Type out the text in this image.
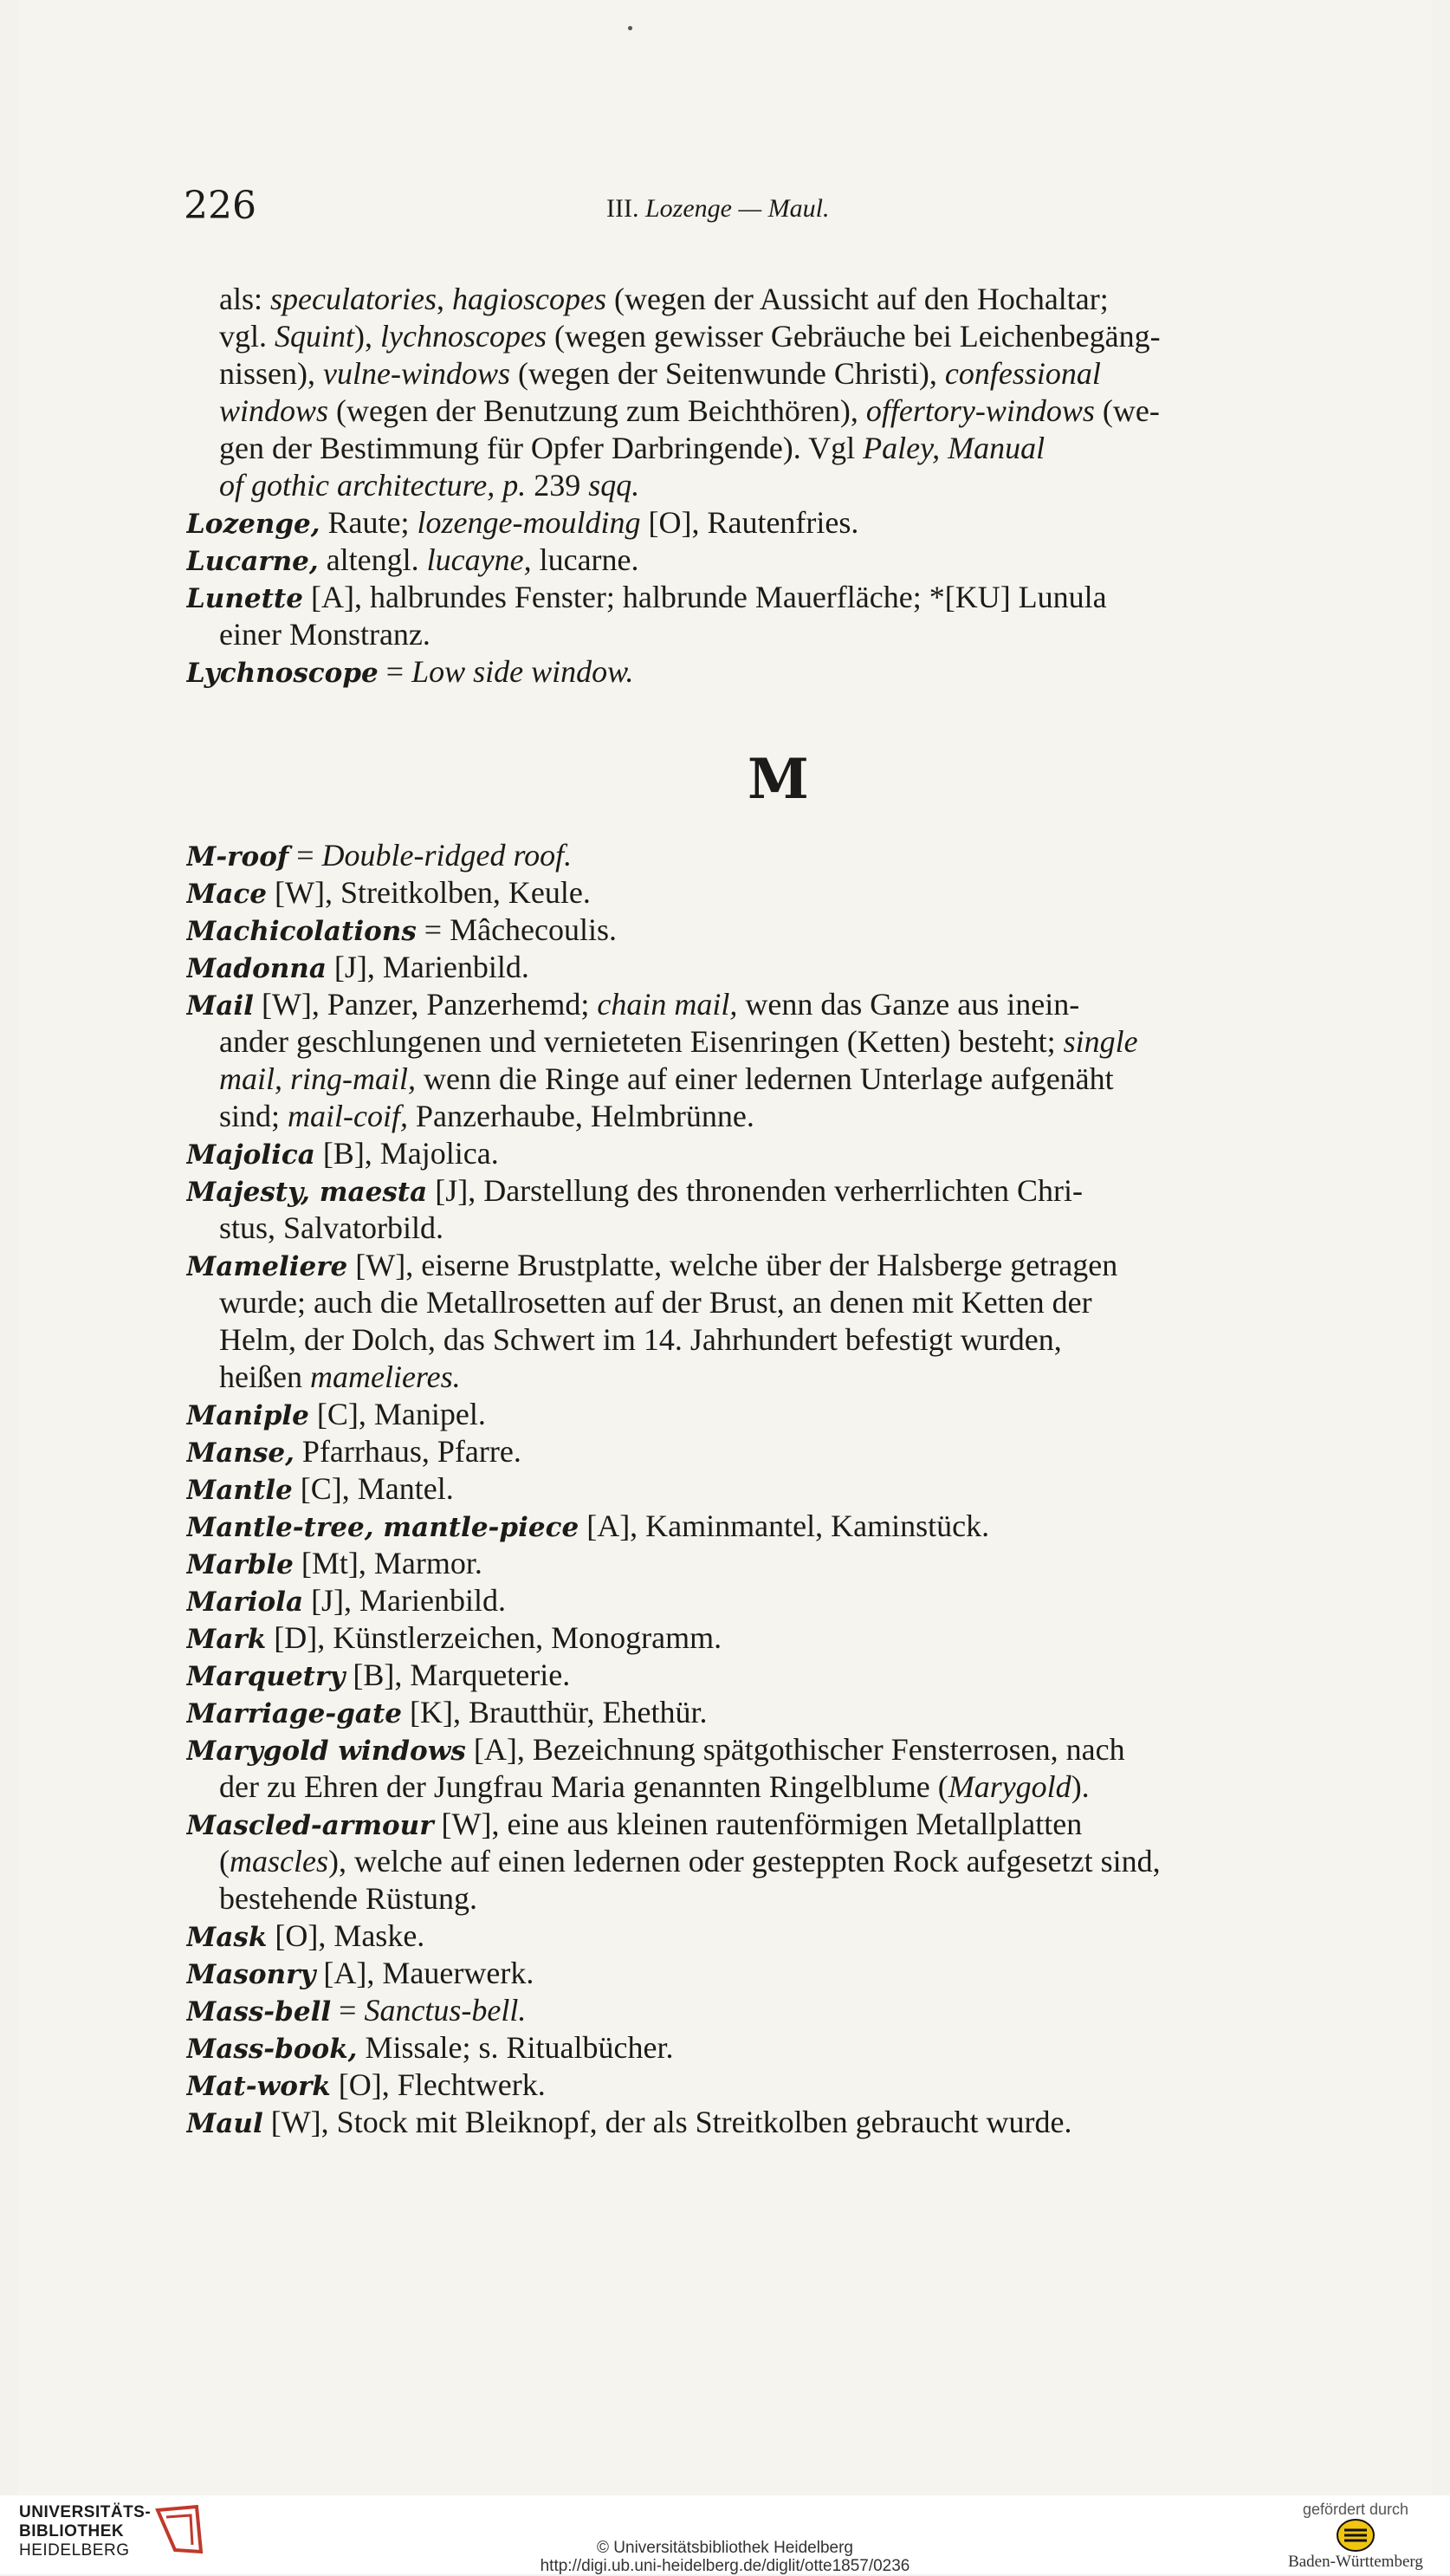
226	III. Lozenge — Maul.
als: speculatories, hagioscopes (wegen der Aussicht auf den Hochaltar;
vgl. Squint), lychnoscopes (wegen gewisser Gebräuche bei Leichenbegäng-
nissen), vulne-windows (wegen der Seitenwunde Christi), confessional
windows (wegen der Benutzung zum Beichthören), offertory-windows (we-
gen der Bestimmung für Opfer Darbringende). Vgl Paley, Manual
of gothic architecture, p. 239 sqq.
Lozenge, Raute; lozenge-moulding [O], Rautenfries.
Lucarne, altengl. lucayne, lucarne.
Lunette [A], halbrundes Fenster; halbrunde Mauerfläche; *[KU] Lunula
einer Monstranz.
Lychnoscope = Low side window.
M
M-roof = Double-ridged roof.
Mace [W], Streitkolben, Keule.
Machicolations = Mâchecoulis.
Madonna [J], Marienbild.
Mail [W], Panzer, Panzerhemd; chain mail, wenn das Ganze aus inein-
ander geschlungenen und vernieteten Eisenringen (Ketten) besteht; single
mail, ring-mail, wenn die Ringe auf einer ledernen Unterlage aufgenäht
sind; mail-coif, Panzerhaube, Helmbrünne.
Majolica [B], Majolica.
Majesty, maesta [J], Darstellung des thronenden verherrlichten Chri-
stus, Salvatorbild.
Mameliere [W], eiserne Brustplatte, welche über der Halsberge getragen
wurde; auch die Metallrosetten auf der Brust, an denen mit Ketten der
Helm, der Dolch, das Schwert im 14. Jahrhundert befestigt wurden,
heißen mamelieres.
Maniple [C], Manipel.
Manse, Pfarrhaus, Pfarre.
Mantle [C], Mantel.
Mantle-tree, mantle-piece [A], Kaminmantel, Kaminstück.
Marble [Mt], Marmor.
Mariola [J], Marienbild.
Mark [D], Künstlerzeichen, Monogramm.
Marquetry [B], Marqueterie.
Marriage-gate [K], Brautthür, Ehethür.
Marygold windows [A], Bezeichnung spätgothischer Fensterrosen, nach
der zu Ehren der Jungfrau Maria genannten Ringelblume (Marygold).
Mascled-armour [W], eine aus kleinen rautenförmigen Metallplatten
(mascles), welche auf einen ledernen oder gesteppten Rock aufgesetzt sind,
bestehende Rüstung.
Mask [O], Maske.
Masonry [A], Mauerwerk.
Mass-bell = Sanctus-bell.
Mass-book, Missale; s. Ritualbücher.
Mat-work [O], Flechtwerk.
Maul [W], Stock mit Bleiknopf, der als Streitkolben gebraucht wurde.
UNIVERSITÄTS-
BIBLIOTHEK
HEIDELBERG	© Universitätsbibliothek Heidelberg
http://digi.ub.uni-heidelberg.de/diglit/otte1857/0236
gefördert durch
Baden-Württemberg
